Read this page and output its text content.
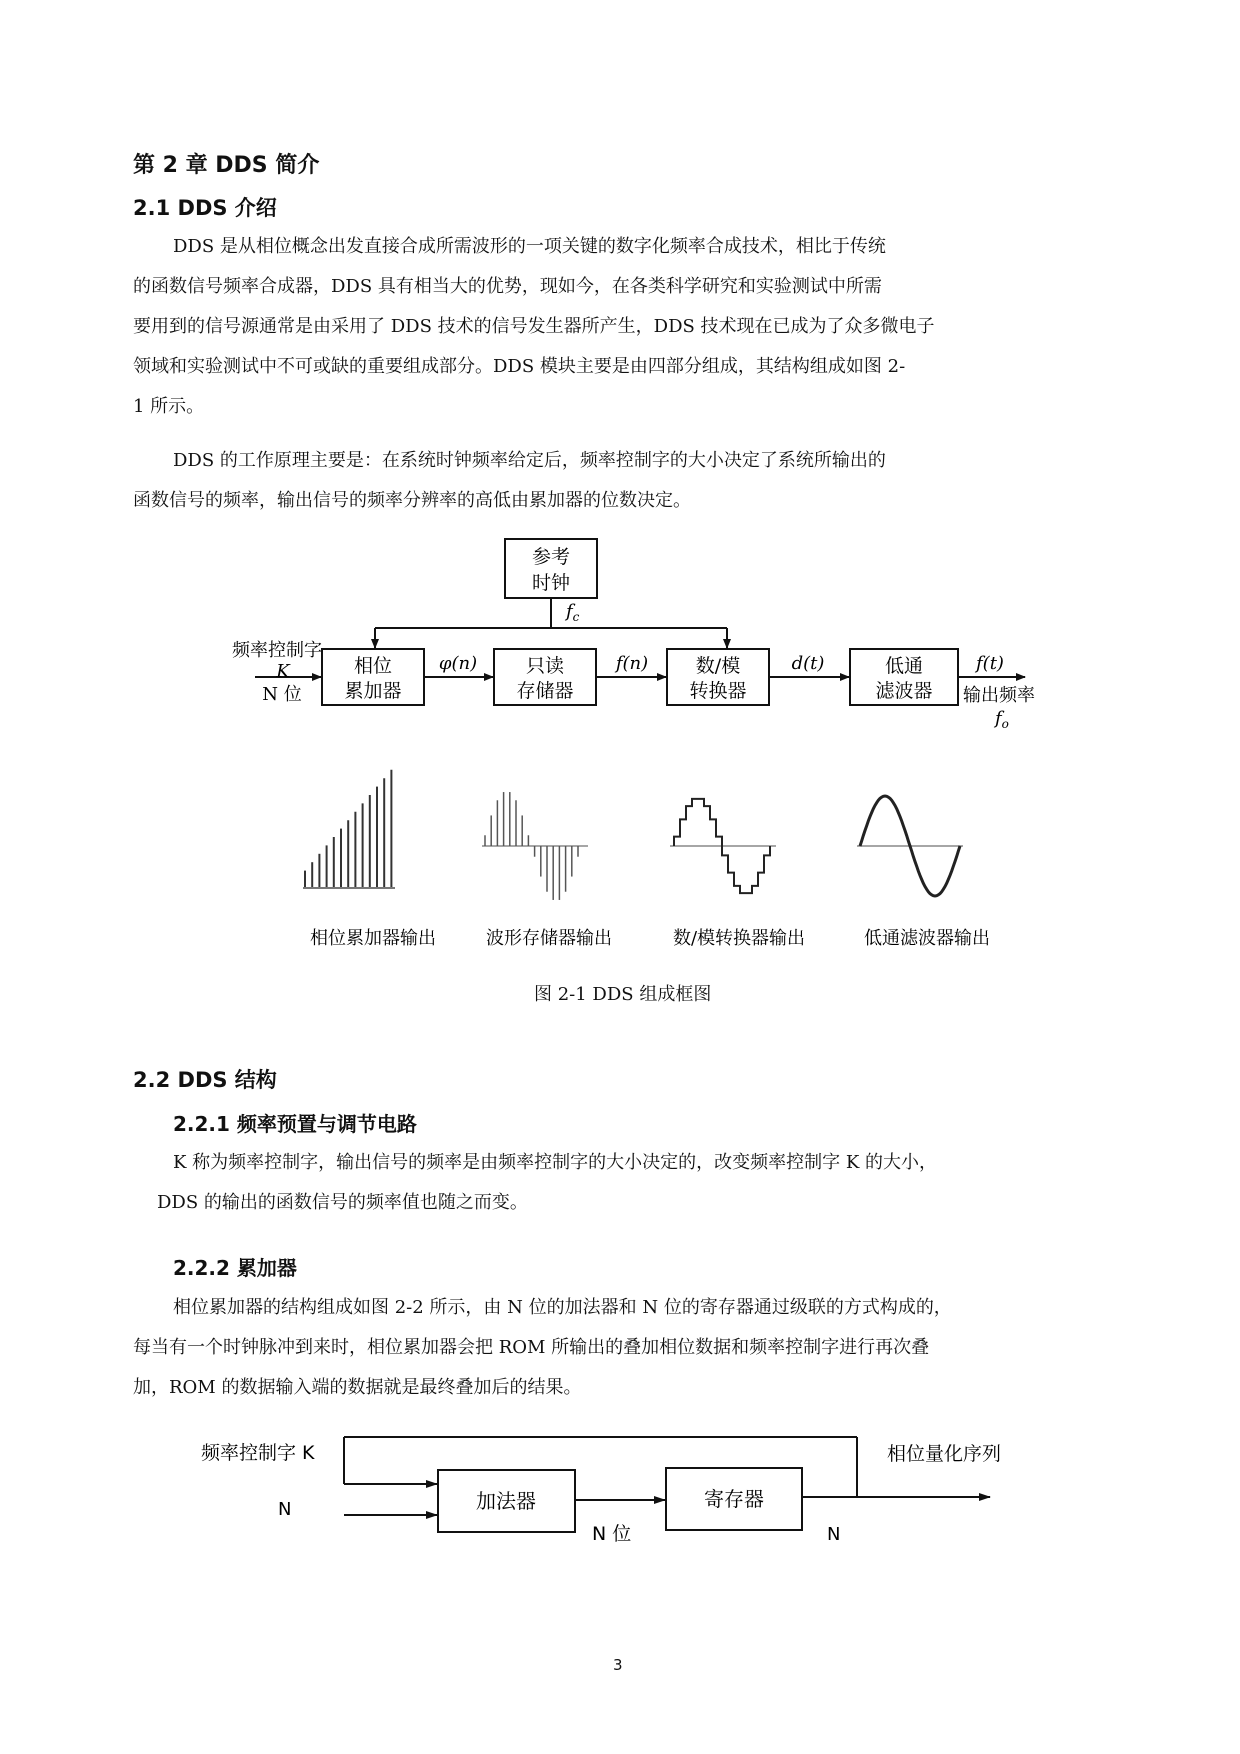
第 2 章 DDS 简介
2.1 DDS 介绍
DDS 是从相位概念出发直接合成所需波形的一项关键的数字化频率合成技术，相比于传统
的函数信号频率合成器，DDS 具有相当大的优势，现如今，在各类科学研究和实验测试中所需
要用到的信号源通常是由采用了 DDS 技术的信号发生器所产生，DDS 技术现在已成为了众多微电子
领域和实验测试中不可或缺的重要组成部分。DDS 模块主要是由四部分组成，其结构组成如图 2-
1 所示。
DDS 的工作原理主要是：在系统时钟频率给定后，频率控制字的大小决定了系统所输出的
函数信号的频率，输出信号的频率分辨率的高低由累加器的位数决定。
参考
时钟
$f_c$
频率控制字
K
N 位
相位
累加器
只读
存储器
数/模
转换器
低通
滤波器
φ(n)	f(n)	d(t)	f(t)
输出频率
$f_o$
相位累加器输出	波形存储器输出	数/模转换器输出	低通滤波器输出
图 2-1 DDS 组成框图
2.2 DDS 结构
2.2.1 频率预置与调节电路
K 称为频率控制字，输出信号的频率是由频率控制字的大小决定的，改变频率控制字 K 的大小，
DDS 的输出的函数信号的频率值也随之而变。
2.2.2 累加器
相位累加器的结构组成如图 2-2 所示，由 N 位的加法器和 N 位的寄存器通过级联的方式构成的，
每当有一个时钟脉冲到来时，相位累加器会把 ROM 所输出的叠加相位数据和频率控制字进行再次叠
加，ROM 的数据输入端的数据就是最终叠加后的结果。
频率控制字 K
N	加法器	寄存器
N 位	N
相位量化序列
3
